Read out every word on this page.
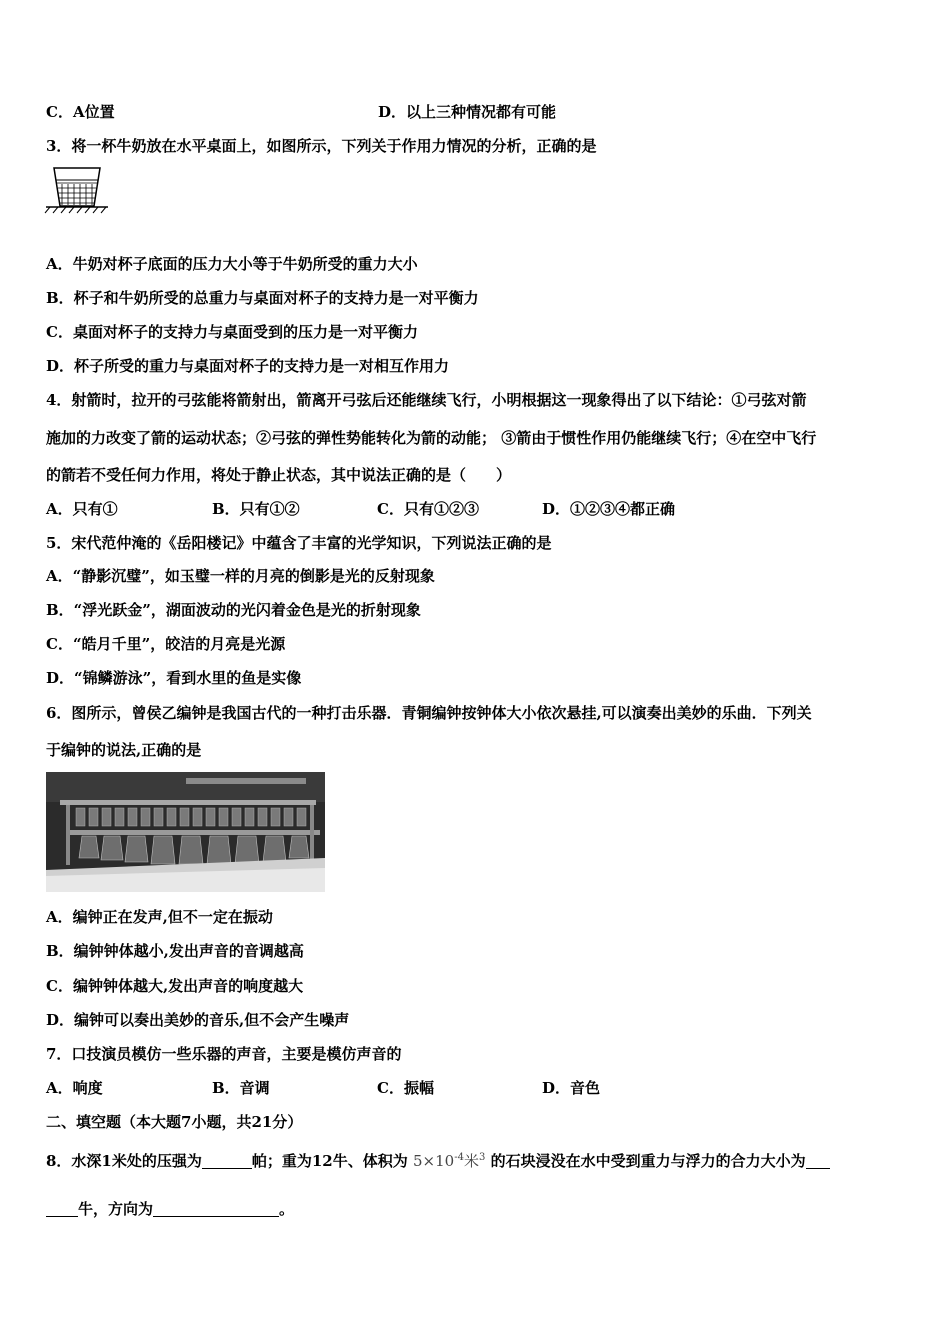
C．A位置	D．以上三种情况都有可能
3．将一杯牛奶放在水平桌面上，如图所示，下列关于作用力情况的分析，正确的是
A．牛奶对杯子底面的压力大小等于牛奶所受的重力大小
B．杯子和牛奶所受的总重力与桌面对杯子的支持力是一对平衡力
C．桌面对杯子的支持力与桌面受到的压力是一对平衡力
D．杯子所受的重力与桌面对杯子的支持力是一对相互作用力
4．射箭时，拉开的弓弦能将箭射出，箭离开弓弦后还能继续飞行，小明根据这一现象得出了以下结论：①弓弦对箭
施加的力改变了箭的运动状态；②弓弦的弹性势能转化为箭的动能； ③箭由于惯性作用仍能继续飞行；④在空中飞行
的箭若不受任何力作用，将处于静止状态，其中说法正确的是（　　）
A．只有①	B．只有①②	C．只有①②③	D．①②③④都正确
5．宋代范仲淹的《岳阳楼记》中蕴含了丰富的光学知识，下列说法正确的是
A．“静影沉璧”，如玉璧一样的月亮的倒影是光的反射现象
B．“浮光跃金”，湖面波动的光闪着金色是光的折射现象
C．“皓月千里”，皎洁的月亮是光源
D．“锦鳞游泳”，看到水里的鱼是实像
6．图所示，曾侯乙编钟是我国古代的一种打击乐器．青铜编钟按钟体大小依次悬挂,可以演奏出美妙的乐曲．下列关
于编钟的说法,正确的是
A．编钟正在发声,但不一定在振动
B．编钟钟体越小,发出声音的音调越高
C．编钟钟体越大,发出声音的响度越大
D．编钟可以奏出美妙的音乐,但不会产生噪声
7．口技演员模仿一些乐器的声音，主要是模仿声音的
A．响度	B．音调	C．振幅	D．音色
二、填空题（本大题7小题，共21分）
8．水深1米处的压强为	帕；重为12牛、体积为 $5\times 10^{-4}$米$^3$ 的石块浸没在水中受到重力与浮力的合力大小为
牛，方向为	。
